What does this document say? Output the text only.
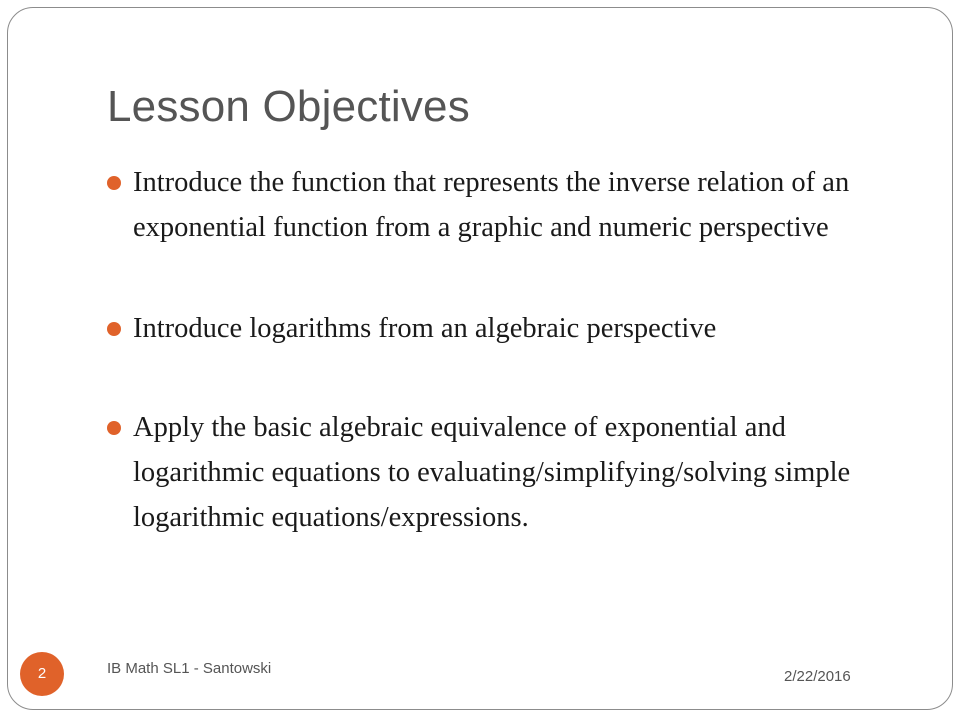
Lesson Objectives
Introduce the function that represents the inverse relation of an exponential function from a graphic and numeric perspective
Introduce logarithms from an algebraic perspective
Apply the basic algebraic equivalence of exponential and logarithmic equations to evaluating/simplifying/solving simple logarithmic equations/expressions.
2	IB Math SL1 - Santowski	2/22/2016
